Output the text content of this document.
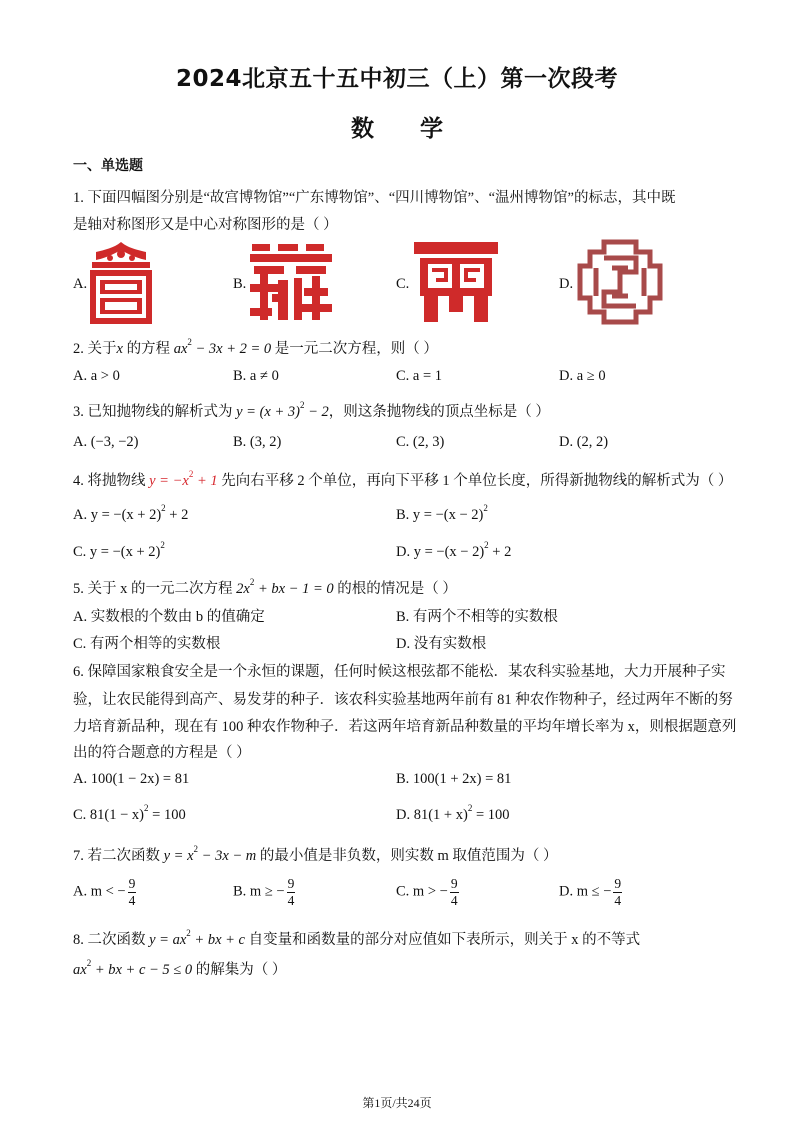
2024北京五十五中初三（上）第一次段考
数 学
一、单选题
1. 下面四幅图分别是“故宫博物馆”“广东博物馆”、“四川博物馆”、“温州博物馆”的标志，其中既
是轴对称图形又是中心对称图形的是（ ）
A.	B.	C.	D.
2. 关于x 的方程 $ax^2 - 3x + 2 = 0$ 是一元二次方程，则（ ）
A. a > 0	B. a ≠ 0	C. a = 1	D. a ≥ 0
3. 已知抛物线的解析式为 $y = (x + 3)^2 - 2$，则这条抛物线的顶点坐标是（ ）
A. (−3, −2)	B. (3, 2)	C. (2, 3)	D. (2, 2)
4. 将抛物线 $y = -x^2 + 1$ 先向右平移 2 个单位，再向下平移 1 个单位长度，所得新抛物线的解析式为（ ）
A. $y = -(x + 2)^2 + 2$	B. $y = -(x - 2)^2$
C. $y = -(x + 2)^2$	D. $y = -(x - 2)^2 + 2$
5. 关于 x 的一元二次方程 $2x^2$ + bx − 1 = 0 的根的情况是（ ）
A. 实数根的个数由 b 的值确定	B. 有两个不相等的实数根
C. 有两个相等的实数根	D. 没有实数根
6. 保障国家粮食安全是一个永恒的课题，任何时候这根弦都不能松．某农科实验基地，大力开展种子实
验，让农民能得到高产、易发芽的种子．该农科实验基地两年前有 81 种农作物种子，经过两年不断的努
力培育新品种，现在有 100 种农作物种子．若这两年培育新品种数量的平均年增长率为 x，则根据题意列
出的符合题意的方程是（ ）
A. 100(1 − 2x) = 81	B. 100(1 + 2x) = 81
C. $81(1 - x)^2 = 100$	D. $81(1 + x)^2 = 100$
7. 若二次函数 $y = x^2 - 3x - m$ 的最小值是非负数，则实数 m 取值范围为（ ）
A. m < − $\frac{9}{4}$	B. m ≥ − $\frac{9}{4}$	C. m > − $\frac{9}{4}$	D. m ≤ − $\frac{9}{4}$
8. 二次函数 $y = ax^2$ + bx + c 自变量和函数量的部分对应值如下表所示，则关于 x 的不等式
$ax^2$ + bx + c − 5 ≤ 0 的解集为（ ）
第1页/共24页
